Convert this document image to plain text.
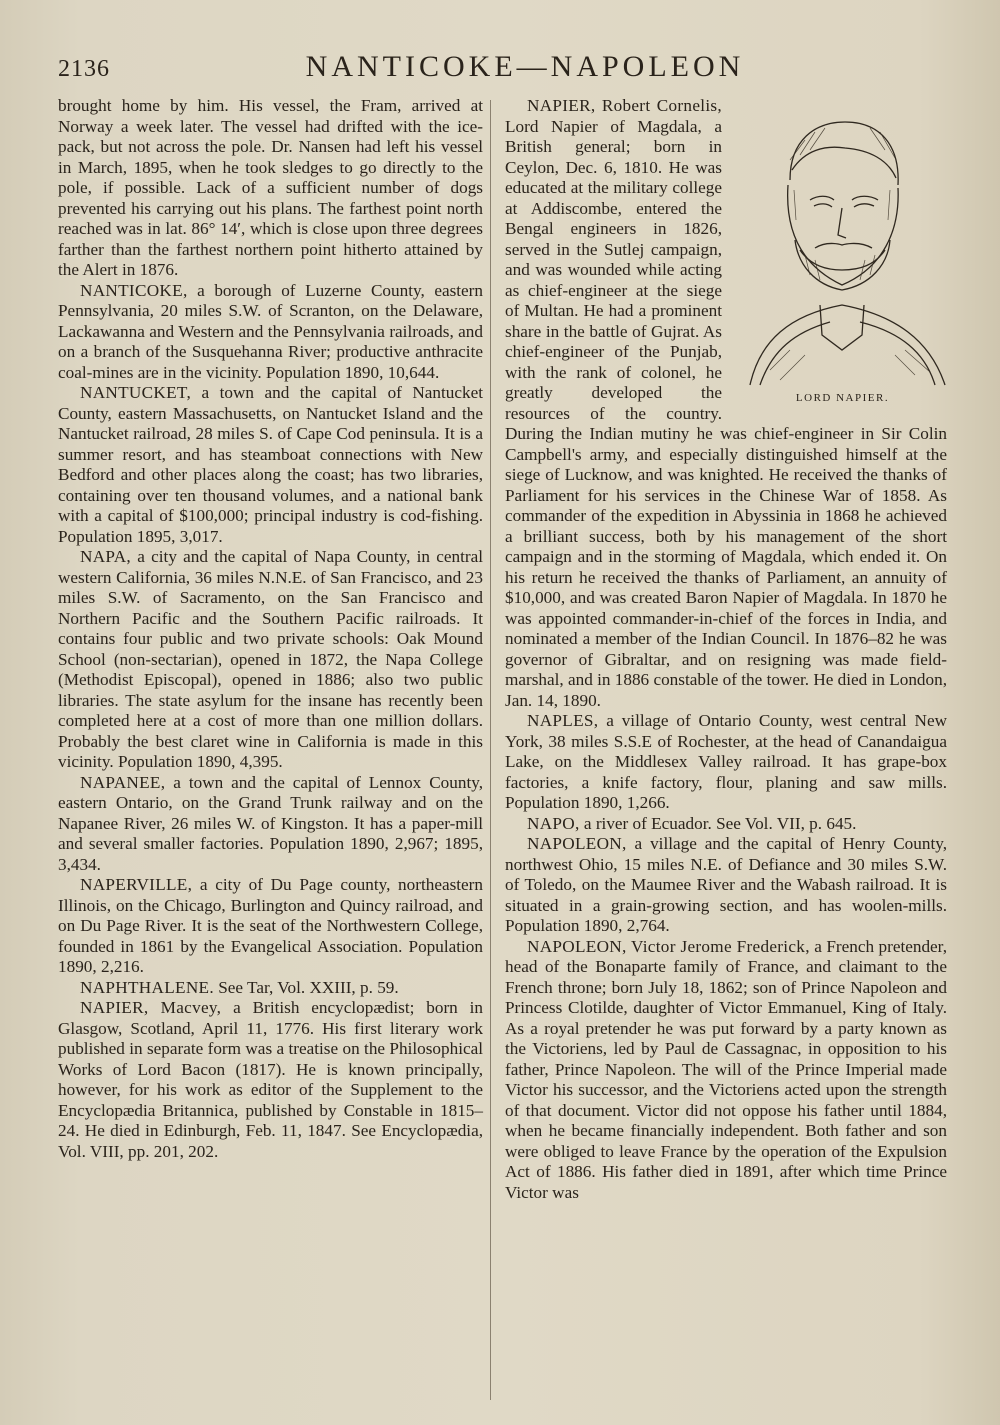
2136	NANTICOKE—NAPOLEON

brought home by him. His vessel, the Fram, arrived at Norway a week later. The vessel had drifted with the ice-pack, but not across the pole. Dr. Nansen had left his vessel in March, 1895, when he took sledges to go directly to the pole, if possible. Lack of a sufficient number of dogs prevented his carrying out his plans. The farthest point north reached was in lat. 86° 14′, which is close upon three degrees farther than the farthest northern point hitherto attained by the Alert in 1876.

NANTICOKE, a borough of Luzerne County, eastern Pennsylvania, 20 miles S.W. of Scranton, on the Delaware, Lackawanna and Western and the Pennsylvania railroads, and on a branch of the Susquehanna River; productive anthracite coal-mines are in the vicinity. Population 1890, 10,644.

NANTUCKET, a town and the capital of Nantucket County, eastern Massachusetts, on Nantucket Island and the Nantucket railroad, 28 miles S. of Cape Cod peninsula. It is a summer resort, and has steamboat connections with New Bedford and other places along the coast; has two libraries, containing over ten thousand volumes, and a national bank with a capital of $100,000; principal industry is cod-fishing. Population 1895, 3,017.

NAPA, a city and the capital of Napa County, in central western California, 36 miles N.N.E. of San Francisco, and 23 miles S.W. of Sacramento, on the San Francisco and Northern Pacific and the Southern Pacific railroads. It contains four public and two private schools: Oak Mound School (non-sectarian), opened in 1872, the Napa College (Methodist Episcopal), opened in 1886; also two public libraries. The state asylum for the insane has recently been completed here at a cost of more than one million dollars. Probably the best claret wine in California is made in this vicinity. Population 1890, 4,395.

NAPANEE, a town and the capital of Lennox County, eastern Ontario, on the Grand Trunk railway and on the Napanee River, 26 miles W. of Kingston. It has a paper-mill and several smaller factories. Population 1890, 2,967; 1895, 3,434.

NAPERVILLE, a city of Du Page county, northeastern Illinois, on the Chicago, Burlington and Quincy railroad, and on Du Page River. It is the seat of the Northwestern College, founded in 1861 by the Evangelical Association. Population 1890, 2,216.

NAPHTHALENE. See Tar, Vol. XXIII, p. 59.

NAPIER, Macvey, a British encyclopædist; born in Glasgow, Scotland, April 11, 1776. His first literary work published in separate form was a treatise on the Philosophical Works of Lord Bacon (1817). He is known principally, however, for his work as editor of the Supplement to the Encyclopædia Britannica, published by Constable in 1815–24. He died in Edinburgh, Feb. 11, 1847. See Encyclopædia, Vol. VIII, pp. 201, 202.

LORD NAPIER.

NAPIER, Robert Cornelis, Lord Napier of Magdala, a British general; born in Ceylon, Dec. 6, 1810. He was educated at the military college at Addiscombe, entered the Bengal engineers in 1826, served in the Sutlej campaign, and was wounded while acting as chief-engineer at the siege of Multan. He had a prominent share in the battle of Gujrat. As chief-engineer of the Punjab, with the rank of colonel, he greatly developed the resources of the country. During the Indian mutiny he was chief-engineer in Sir Colin Campbell's army, and especially distinguished himself at the siege of Lucknow, and was knighted. He received the thanks of Parliament for his services in the Chinese War of 1858. As commander of the expedition in Abyssinia in 1868 he achieved a brilliant success, both by his management of the short campaign and in the storming of Magdala, which ended it. On his return he received the thanks of Parliament, an annuity of $10,000, and was created Baron Napier of Magdala. In 1870 he was appointed commander-in-chief of the forces in India, and nominated a member of the Indian Council. In 1876–82 he was governor of Gibraltar, and on resigning was made field-marshal, and in 1886 constable of the tower. He died in London, Jan. 14, 1890.

NAPLES, a village of Ontario County, west central New York, 38 miles S.S.E of Rochester, at the head of Canandaigua Lake, on the Middlesex Valley railroad. It has grape-box factories, a knife factory, flour, planing and saw mills. Population 1890, 1,266.

NAPO, a river of Ecuador. See Vol. VII, p. 645.

NAPOLEON, a village and the capital of Henry County, northwest Ohio, 15 miles N.E. of Defiance and 30 miles S.W. of Toledo, on the Maumee River and the Wabash railroad. It is situated in a grain-growing section, and has woolen-mills. Population 1890, 2,764.

NAPOLEON, Victor Jerome Frederick, a French pretender, head of the Bonaparte family of France, and claimant to the French throne; born July 18, 1862; son of Prince Napoleon and Princess Clotilde, daughter of Victor Emmanuel, King of Italy. As a royal pretender he was put forward by a party known as the Victoriens, led by Paul de Cassagnac, in opposition to his father, Prince Napoleon. The will of the Prince Imperial made Victor his successor, and the Victoriens acted upon the strength of that document. Victor did not oppose his father until 1884, when he became financially independent. Both father and son were obliged to leave France by the operation of the Expulsion Act of 1886. His father died in 1891, after which time Prince Victor was
